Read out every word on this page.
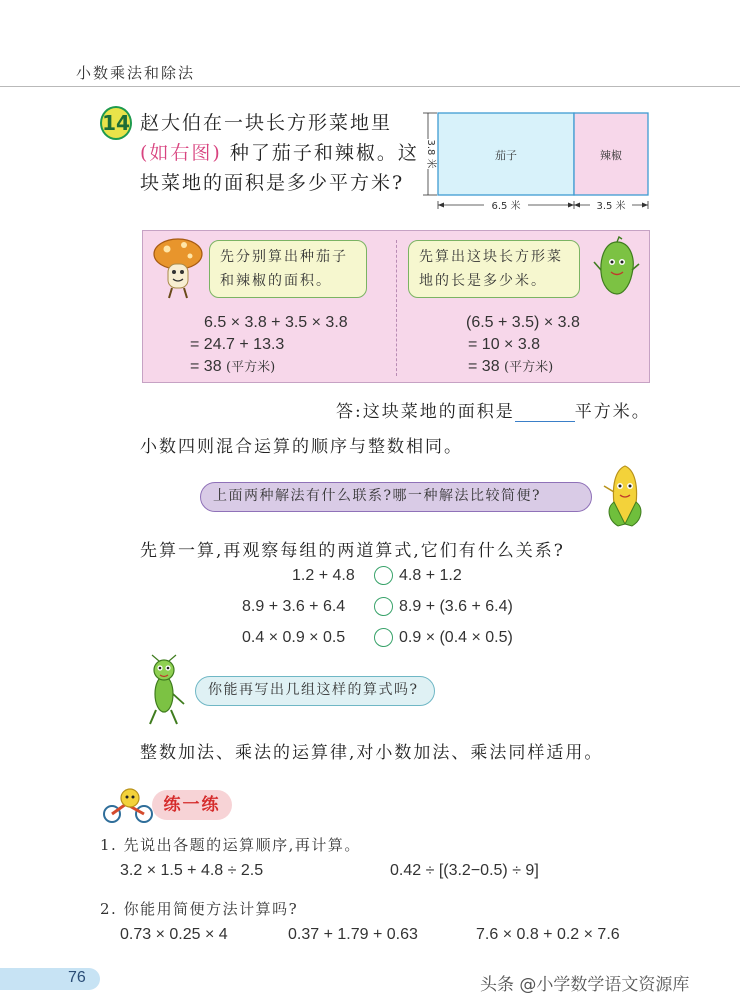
小数乘法和除法
14 赵大伯在一块长方形菜地里
(如右图) 种了茄子和辣椒。这
块菜地的面积是多少平方米?
茄子	辣椒
3.8 米
6.5 米	3.5 米
先分别算出种茄子和辣椒的面积。
先算出这块长方形菜地的长是多少米。
6.5 × 3.8 + 3.5 × 3.8
= 24.7 + 13.3
= 38 (平方米)
(6.5 + 3.5) × 3.8
= 10 × 3.8
= 38 (平方米)
答:这块菜地的面积是	平方米。
小数四则混合运算的顺序与整数相同。
上面两种解法有什么联系?哪一种解法比较简便?
先算一算,再观察每组的两道算式,它们有什么关系?
1.2 + 4.8	4.8 + 1.2
8.9 + 3.6 + 6.4	8.9 + (3.6 + 6.4)
0.4 × 0.9 × 0.5	0.9 × (0.4 × 0.5)
你能再写出几组这样的算式吗?
整数加法、乘法的运算律,对小数加法、乘法同样适用。
练一练
1. 先说出各题的运算顺序,再计算。
3.2 × 1.5 + 4.8 ÷ 2.5	0.42 ÷ [(3.2−0.5) ÷ 9]
2. 你能用简便方法计算吗?
0.73 × 0.25 × 4	0.37 + 1.79 + 0.63	7.6 × 0.8 + 0.2 × 7.6
76	头条 @小学数学语文资源库
